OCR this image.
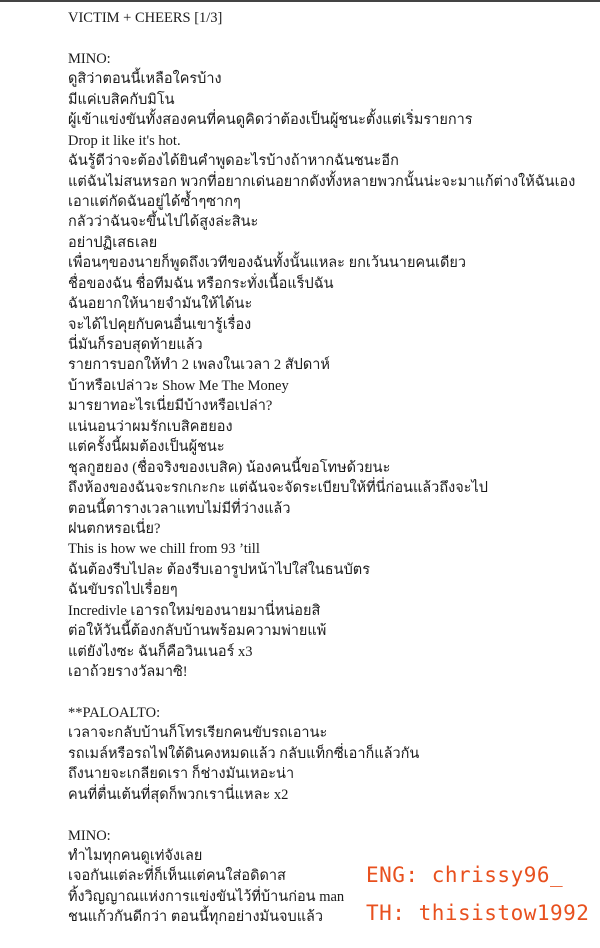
VICTIM + CHEERS [1/3]
MINO:
ดูสิว่าตอนนี้เหลือใครบ้าง
มีแค่เบสิคกับมิโน
ผู้เข้าแข่งขันทั้งสองคนที่คนดูคิดว่าต้องเป็นผู้ชนะตั้งแต่เริ่มรายการ
Drop it like it's hot.
ฉันรู้ดีว่าจะต้องได้ยินคำพูดอะไรบ้างถ้าหากฉันชนะอีก
แต่ฉันไม่สนหรอก พวกที่อยากเด่นอยากดังทั้งหลายพวกนั้นน่ะจะมาแก้ต่างให้ฉันเอง
เอาแต่กัดฉันอยู่ได้ซ้ำๆซากๆ
กลัวว่าฉันจะขึ้นไปได้สูงล่ะสินะ
อย่าปฏิเสธเลย
เพื่อนๆของนายก็พูดถึงเวทีของฉันทั้งนั้นแหละ ยกเว้นนายคนเดียว
ชื่อของฉัน ชื่อทีมฉัน หรือกระทั่งเนื้อแร็ปฉัน
ฉันอยากให้นายจำมันให้ได้นะ
จะได้ไปคุยกับคนอื่นเขารู้เรื่อง
นี่มันก็รอบสุดท้ายแล้ว
รายการบอกให้ทำ 2 เพลงในเวลา 2 สัปดาห์
บ้าหรือเปล่าวะ Show Me The Money
มารยาทอะไรเนี่ยมีบ้างหรือเปล่า?
แน่นอนว่าผมรักเบสิคฮยอง
แต่ครั้งนี้ผมต้องเป็นผู้ชนะ
ชุลกูฮยอง (ชื่อจริงของเบสิค) น้องคนนี้ขอโทษด้วยนะ
ถึงห้องของฉันจะรกเกะกะ แต่ฉันจะจัดระเบียบให้ที่นี่ก่อนแล้วถึงจะไป
ตอนนี้ตารางเวลาแทบไม่มีที่ว่างแล้ว
ฝนตกหรอเนี่ย?
This is how we chill from 93 ’till
ฉันต้องรีบไปละ ต้องรีบเอารูปหน้าไปใส่ในธนบัตร
ฉันขับรถไปเรื่อยๆ
Incredivle เอารถใหม่ของนายมานี่หน่อยสิ
ต่อให้วันนี้ต้องกลับบ้านพร้อมความพ่ายแพ้
แต่ยังไงซะ ฉันก็คือวินเนอร์ x3
เอาถ้วยรางวัลมาซิ!
**PALOALTO:
เวลาจะกลับบ้านก็โทรเรียกคนขับรถเอานะ
รถเมล์หรือรถไฟใต้ดินคงหมดแล้ว กลับแท็กซี่เอาก็แล้วกัน
ถึงนายจะเกลียดเรา ก็ช่างมันเหอะน่า
คนที่ตื่นเต้นที่สุดก็พวกเรานี่แหละ x2
MINO:
ทำไมทุกคนดูเท่จังเลย
เจอกันแต่ละที่ก็เห็นแต่คนใส่อดิดาส
ทิ้งวิญญาณแห่งการแข่งขันไว้ที่บ้านก่อน man
ชนแก้วกันดีกว่า ตอนนี้ทุกอย่างมันจบแล้ว
ENG: chrissy96_
TH: thisistow1992
